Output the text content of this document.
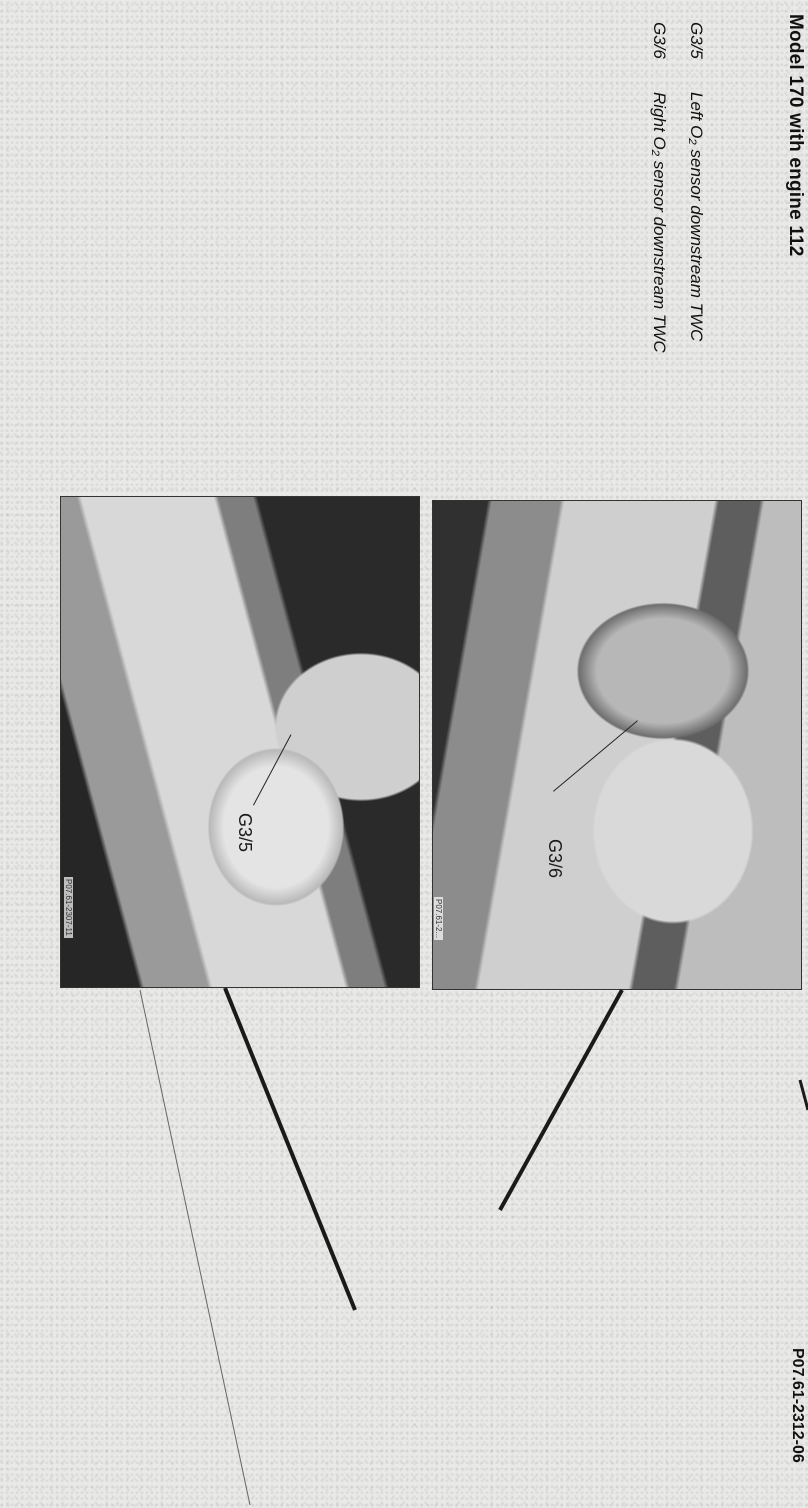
Model 170 with engine 112
G3/5Left O₂ sensor downstream TWC
G3/6Right O₂ sensor downstream TWC
G3/5
P07.61-2307-11
G3/6
P07.61-2...
P07.61-2312-06
